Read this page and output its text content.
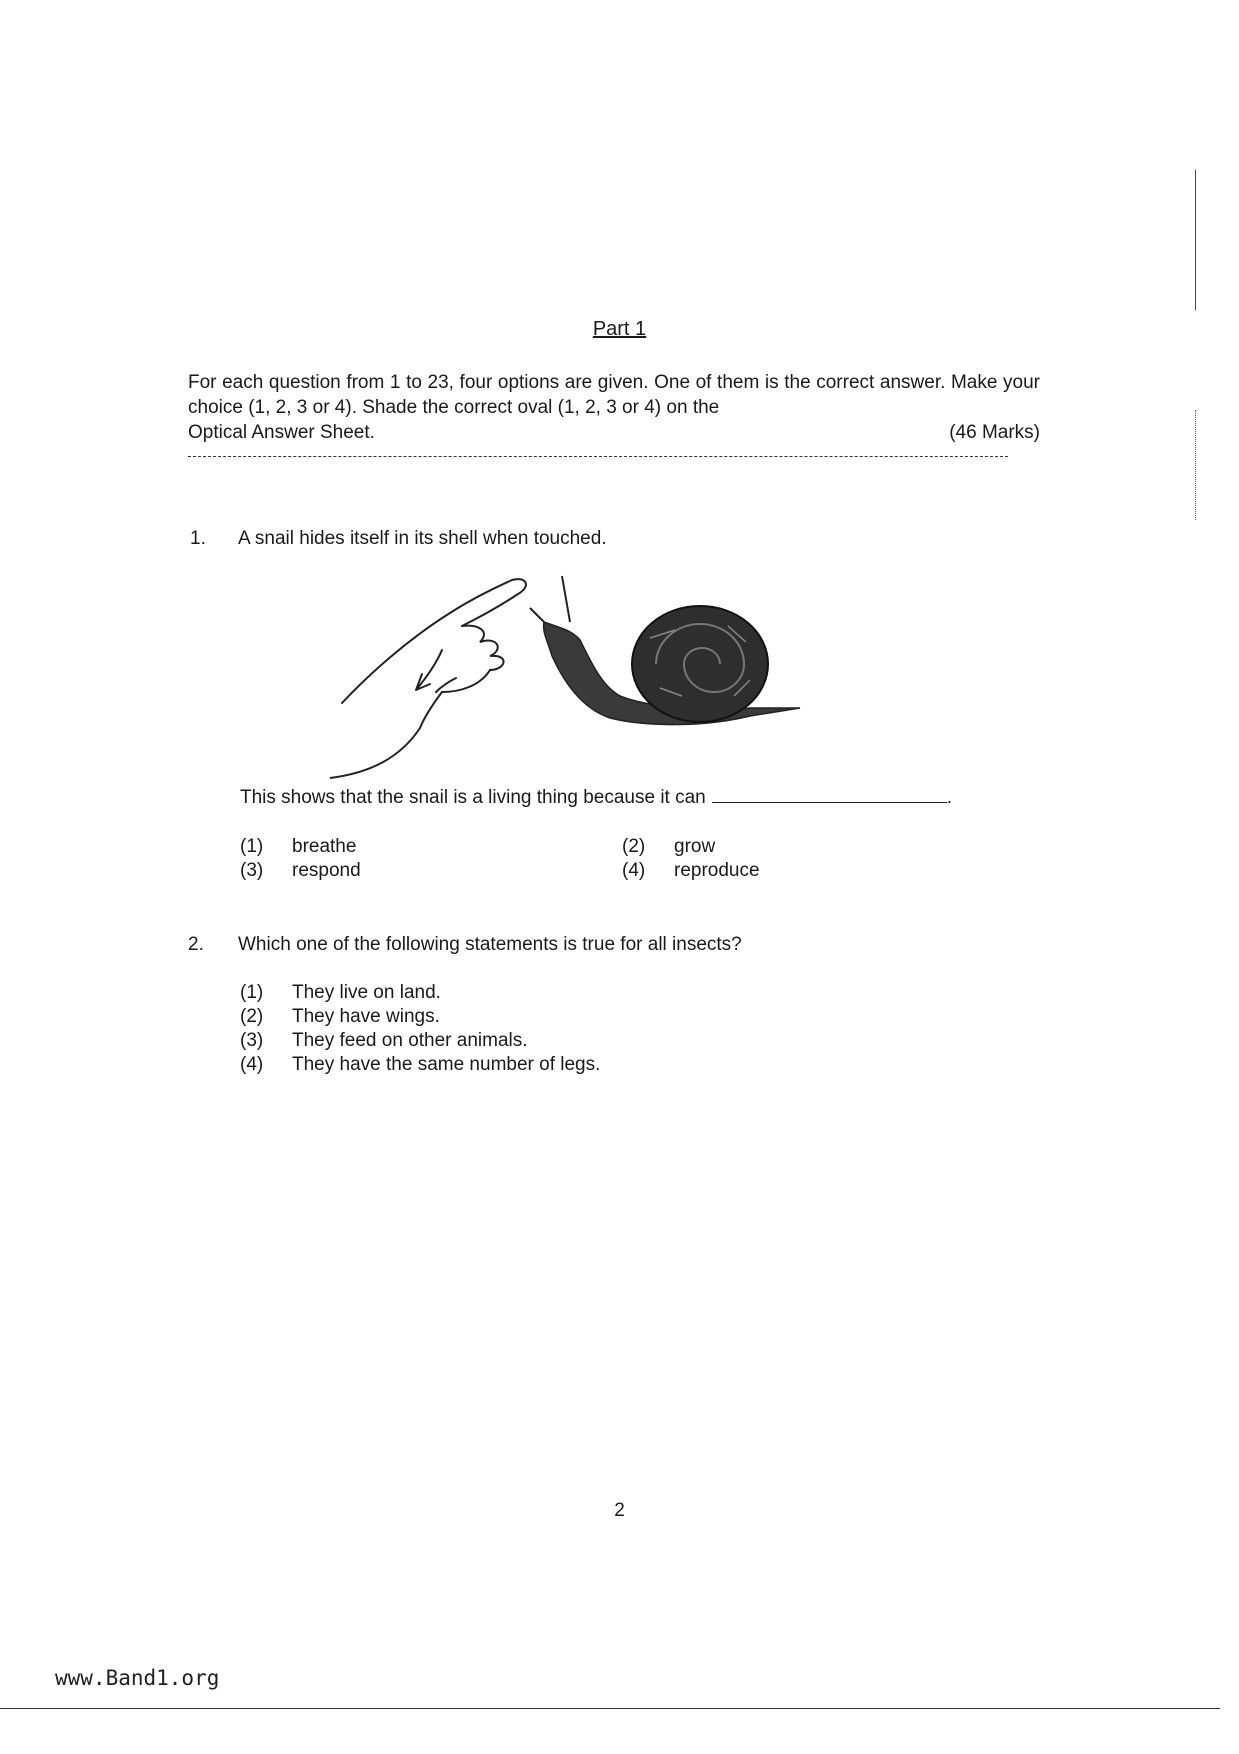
Part 1
For each question from 1 to 23, four options are given. One of them is the correct answer. Make your choice (1, 2, 3 or 4). Shade the correct oval (1, 2, 3 or 4) on the
Optical Answer Sheet.	(46 Marks)
1. A snail hides itself in its shell when touched.
This shows that the snail is a living thing because it can	.
(1)	breathe	(2)	grow
(3)	respond	(4)	reproduce
2. Which one of the following statements is true for all insects?
(1)	They live on land.
(2)	They have wings.
(3)	They feed on other animals.
(4)	They have the same number of legs.
2
www.Band1.org
